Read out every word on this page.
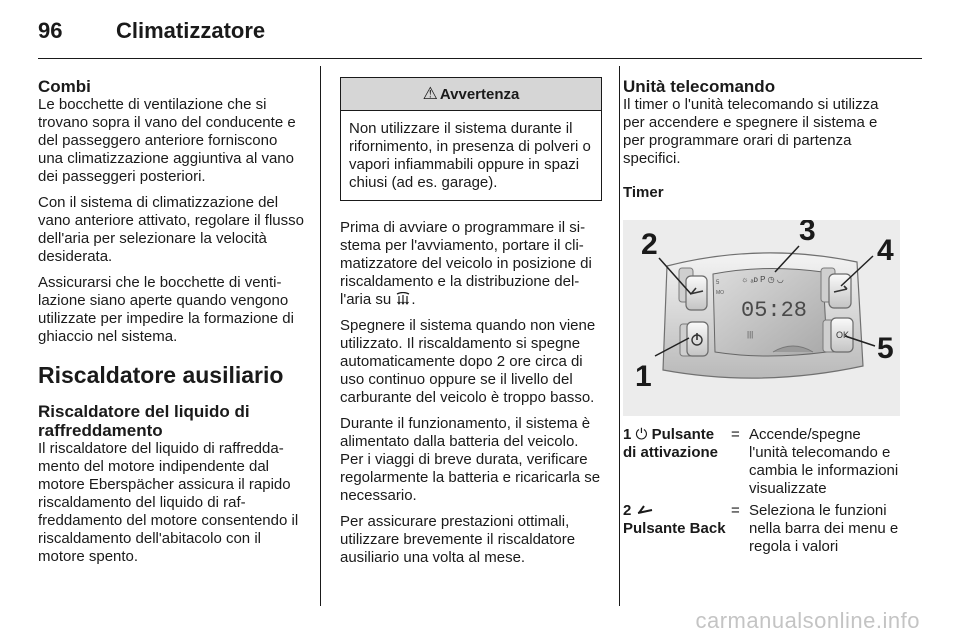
96 Climatizzatore
Combi

Le bocchette di ventilazione che si trovano sopra il vano del conducente e del passeggero anteriore forniscono una climatizzazione aggiuntiva al vano dei passeggeri posteriori.

Con il sistema di climatizzazione del vano anteriore attivato, regolare il flusso dell'aria per selezionare la velocità desiderata.

Assicurarsi che le bocchette di ventilazione siano aperte quando vengono utilizzate per impedire la formazione di ghiaccio nel sistema.

Riscaldatore ausiliario
Riscaldatore del liquido di raffreddamento

Il riscaldatore del liquido di raffreddamento del motore indipendente dal motore Eberspächer assicura il rapido riscaldamento del liquido di raffreddamento del motore consentendo il riscaldamento dell'abitacolo con il motore spento.

⚠ Avvertenza
Non utilizzare il sistema durante il rifornimento, in presenza di polveri o vapori infiammabili oppure in spazi chiusi (ad es. garage).

Prima di avviare o programmare il sistema per l'avviamento, portare il climatizzatore del veicolo in posizione di riscaldamento e la distribuzione dell'aria su .

Spegnere il sistema quando non viene utilizzato. Il riscaldamento si spegne automaticamente dopo 2 ore circa di uso continuo oppure se il livello del carburante del veicolo è troppo basso.

Durante il funzionamento, il sistema è alimentato dalla batteria del veicolo. Per i viaggi di breve durata, verificare regolarmente la batteria e ricaricarla se necessario.

Per assicurare prestazioni ottimali, utilizzare brevemente il riscaldatore ausiliario una volta al mese.

Unità telecomando

Il timer o l'unità telecomando si utilizza per accendere e spegnere il sistema e per programmare orari di partenza specifici.

Timer

5
MO
☼ ₐᴅ P ◷ ◡
05:28
|||	OK
1
2	3
4
5
1 ⏻ Pulsante di attivazione
= Accende/spegne l'unità telecomando e cambia le informazioni visualizzate
2
Pulsante Back
= Seleziona le funzioni nella barra dei menu e regola i valori
carmanualsonline.info
